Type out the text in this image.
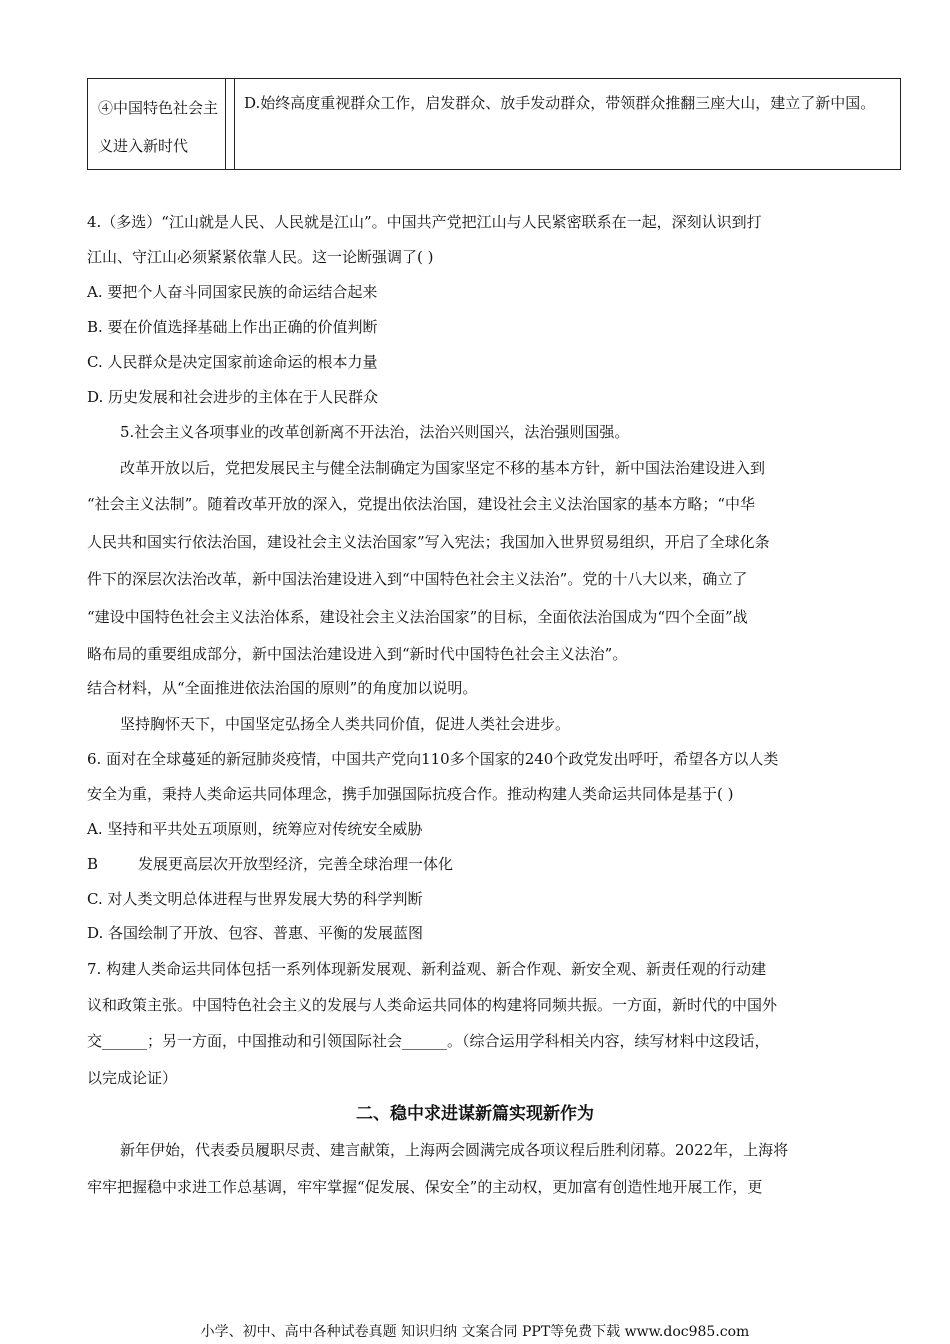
④中国特色社会主义进入新时代
D.始终高度重视群众工作，启发群众、放手发动群众，带领群众推翻三座大山，建立了新中国。
4.（多选）“江山就是人民、人民就是江山”。中国共产党把江山与人民紧密联系在一起，深刻认识到打
江山、守江山必须紧紧依靠人民。这一论断强调了( )
A. 要把个人奋斗同国家民族的命运结合起来
B. 要在价值选择基础上作出正确的价值判断
C. 人民群众是决定国家前途命运的根本力量
D. 历史发展和社会进步的主体在于人民群众
5.社会主义各项事业的改革创新离不开法治，法治兴则国兴，法治强则国强。
改革开放以后，党把发展民主与健全法制确定为国家坚定不移的基本方针，新中国法治建设进入到
“社会主义法制”。随着改革开放的深入，党提出依法治国，建设社会主义法治国家的基本方略；“中华
人民共和国实行依法治国，建设社会主义法治国家”写入宪法；我国加入世界贸易组织，开启了全球化条
件下的深层次法治改革，新中国法治建设进入到“中国特色社会主义法治”。党的十八大以来，确立了
“建设中国特色社会主义法治体系，建设社会主义法治国家”的目标，全面依法治国成为“四个全面”战
略布局的重要组成部分，新中国法治建设进入到“新时代中国特色社会主义法治”。
结合材料，从“全面推进依法治国的原则”的角度加以说明。
坚持胸怀天下，中国坚定弘扬全人类共同价值，促进人类社会进步。
6. 面对在全球蔓延的新冠肺炎疫情，中国共产党向110多个国家的240个政党发出呼吁，希望各方以人类
安全为重，秉持人类命运共同体理念，携手加强国际抗疫合作。推动构建人类命运共同体是基于( )
A. 坚持和平共处五项原则，统筹应对传统安全威胁
B	发展更高层次开放型经济，完善全球治理一体化
C. 对人类文明总体进程与世界发展大势的科学判断
D. 各国绘制了开放、包容、普惠、平衡的发展蓝图
7. 构建人类命运共同体包括一系列体现新发展观、新利益观、新合作观、新安全观、新责任观的行动建
议和政策主张。中国特色社会主义的发展与人类命运共同体的构建将同频共振。一方面，新时代的中国外
交______；另一方面，中国推动和引领国际社会______。（综合运用学科相关内容，续写材料中这段话，
以完成论证）
二、稳中求进谋新篇实现新作为
新年伊始，代表委员履职尽责、建言献策，上海两会圆满完成各项议程后胜利闭幕。2022年，上海将
牢牢把握稳中求进工作总基调，牢牢掌握“促发展、保安全”的主动权，更加富有创造性地开展工作，更
小学、初中、高中各种试卷真题 知识归纳 文案合同 PPT等免费下载 www.doc985.com
